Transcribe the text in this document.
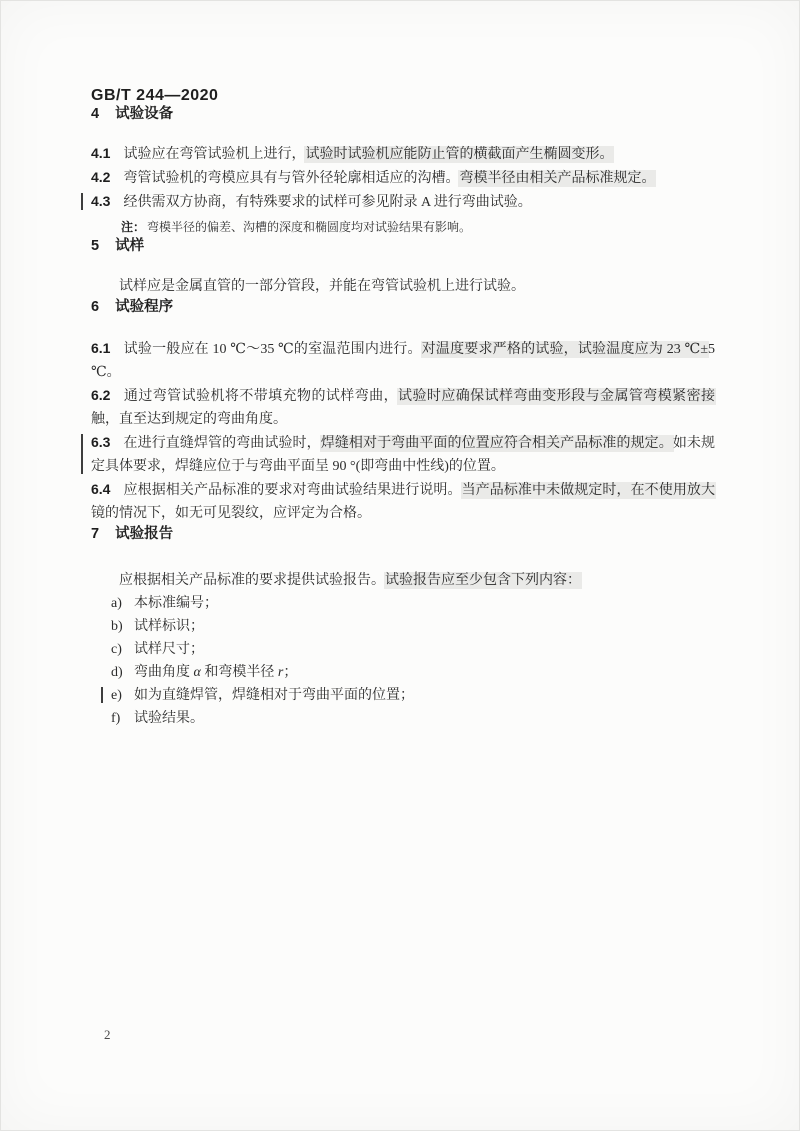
GB/T 244—2020
4 试验设备

4.1 试验应在弯管试验机上进行，试验时试验机应能防止管的横截面产生椭圆变形。

4.2 弯管试验机的弯模应具有与管外径轮廓相适应的沟槽。弯模半径由相关产品标准规定。

4.3 经供需双方协商，有特殊要求的试样可参见附录 A 进行弯曲试验。

注： 弯模半径的偏差、沟槽的深度和椭圆度均对试验结果有影响。

5 试样

试样应是金属直管的一部分管段，并能在弯管试验机上进行试验。

6 试验程序

6.1 试验一般应在 10 ℃～35 ℃的室温范围内进行。对温度要求严格的试验，试验温度应为 23 ℃±5 ℃。

6.2 通过弯管试验机将不带填充物的试样弯曲，试验时应确保试样弯曲变形段与金属管弯模紧密接触，直至达到规定的弯曲角度。

6.3 在进行直缝焊管的弯曲试验时，焊缝相对于弯曲平面的位置应符合相关产品标准的规定。如未规定具体要求，焊缝应位于与弯曲平面呈 90 °(即弯曲中性线)的位置。

6.4 应根据相关产品标准的要求对弯曲试验结果进行说明。当产品标准中未做规定时，在不使用放大镜的情况下，如无可见裂纹，应评定为合格。

7 试验报告

应根据相关产品标准的要求提供试验报告。试验报告应至少包含下列内容：

a) 本标准编号；
b) 试样标识；
c) 试样尺寸；
d) 弯曲角度 α 和弯模半径 r；
e) 如为直缝焊管，焊缝相对于弯曲平面的位置；
f) 试验结果。
2
